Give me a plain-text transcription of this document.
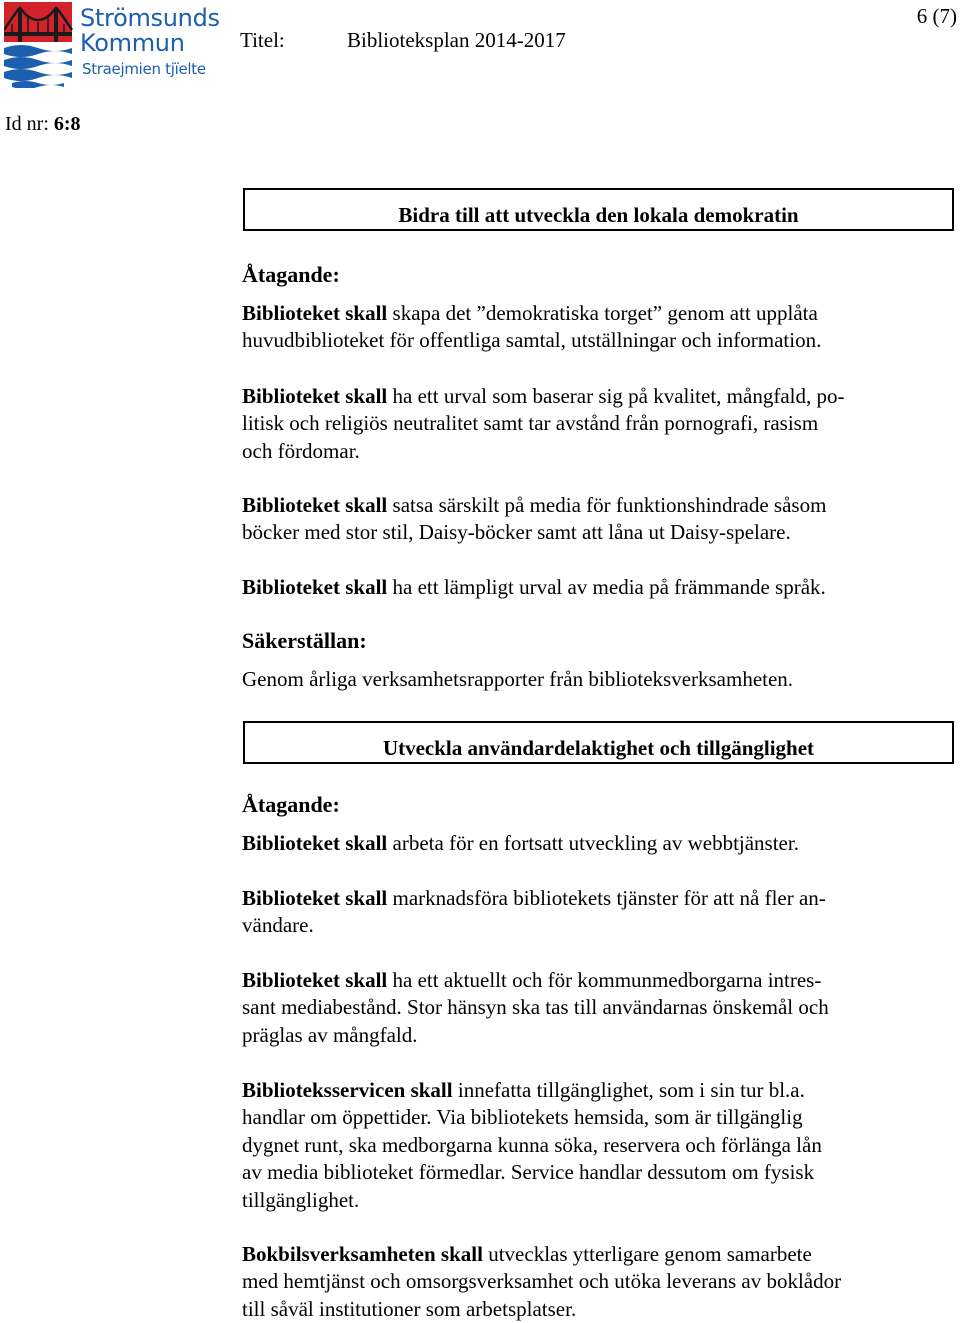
Strömsunds
Kommun
Straejmien tjïelte
Titel:	Biblioteksplan 2014-2017
6 (7)
Id nr: 6:8
Bidra till att utveckla den lokala demokratin
Åtagande:
Biblioteket skall skapa det ”demokratiska torget” genom att upplåta
huvudbiblioteket för offentliga samtal, utställningar och information.
Biblioteket skall ha ett urval som baserar sig på kvalitet, mångfald, po-
litisk och religiös neutralitet samt tar avstånd från pornografi, rasism
och fördomar.
Biblioteket skall satsa särskilt på media för funktionshindrade såsom
böcker med stor stil, Daisy-böcker samt att låna ut Daisy-spelare.
Biblioteket skall ha ett lämpligt urval av media på främmande språk.
Säkerställan:
Genom årliga verksamhetsrapporter från biblioteksverksamheten.
Utveckla användardelaktighet och tillgänglighet
Åtagande:
Biblioteket skall arbeta för en fortsatt utveckling av webbtjänster.
Biblioteket skall marknadsföra bibliotekets tjänster för att nå fler an-
vändare.
Biblioteket skall ha ett aktuellt och för kommunmedborgarna intres-
sant mediabestånd. Stor hänsyn ska tas till användarnas önskemål och
präglas av mångfald.
Biblioteksservicen skall innefatta tillgänglighet, som i sin tur bl.a.
handlar om öppettider. Via bibliotekets hemsida, som är tillgänglig
dygnet runt, ska medborgarna kunna söka, reservera och förlänga lån
av media biblioteket förmedlar. Service handlar dessutom om fysisk
tillgänglighet.
Bokbilsverksamheten skall utvecklas ytterligare genom samarbete
med hemtjänst och omsorgsverksamhet och utöka leverans av boklådor
till såväl institutioner som arbetsplatser.
